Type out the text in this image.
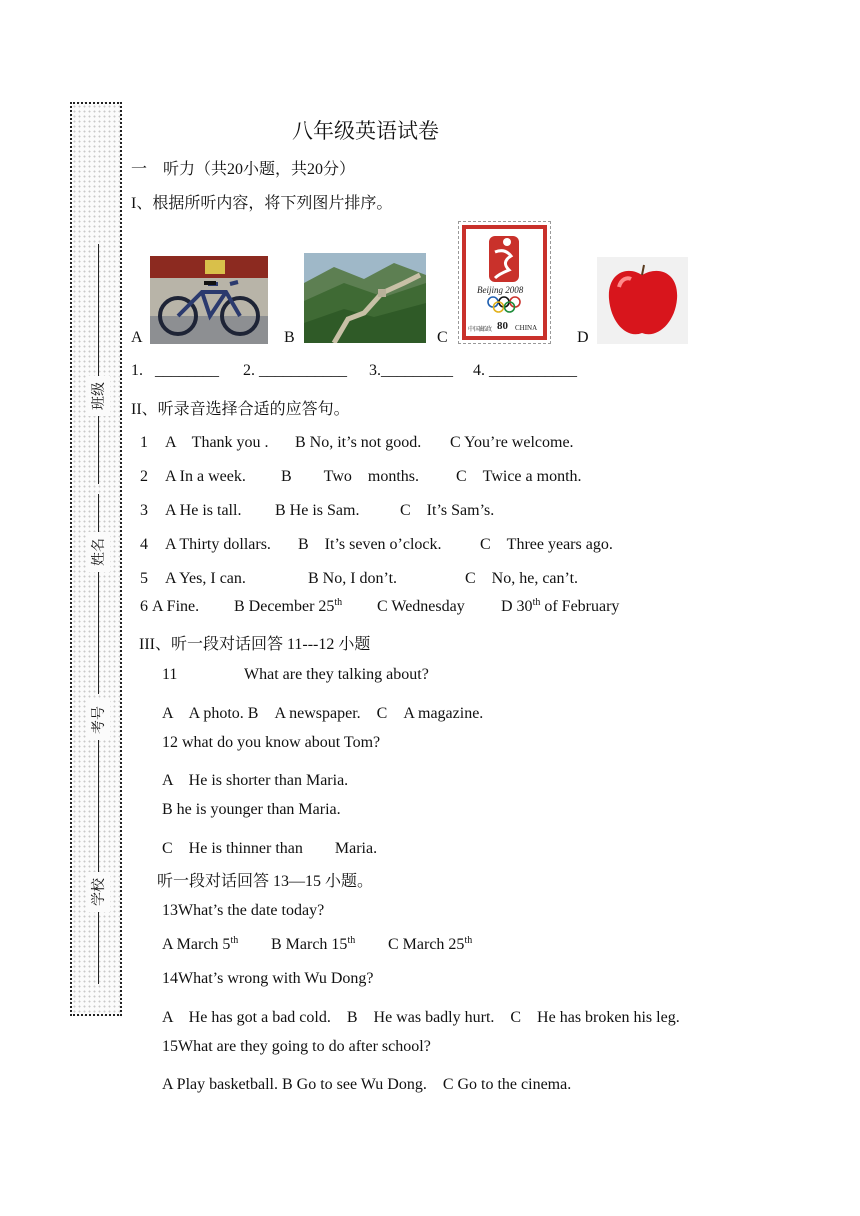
班级
姓名
考号
学校
八年级英语试卷
一　听力（共20小题，共20分）
I、根据所听内容，将下列图片排序。
A	B	C
Beijing 2008
中国邮政 80 CHINA
D
1. ________ 2. ___________ 3._________ 4. ___________
II、听录音选择合适的应答句。
1 A　Thank you . B No, it’s not good. C You’re welcome.
2 A In a week. B　　Two　months. C　Twice a month.
3 A He is tall. B He is Sam.	C　It’s Sam’s.
4 A Thirty dollars. B　It’s seven o’clock. C　Three years ago.
5 A Yes, I can.	B No, I don’t.	C　No, he, can’t.
6 A Fine. B December 25th C Wednesday D 30th of February
III、听一段对话回答 11---12 小题
11	What are they talking about?
A　A photo. B　A newspaper.　C　A magazine.
12 what do you know about Tom?
A　He is shorter than Maria.
B he is younger than Maria.
C　He is thinner than　　Maria.
听一段对话回答 13—15 小题。
13What’s the date today?
A March 5th B March 15th C March 25th
14What’s wrong with Wu Dong?
A　He has got a bad cold.　B　He was badly hurt.　C　He has broken his leg.
15What are they going to do after school?
A Play basketball. B Go to see Wu Dong.　C Go to the cinema.
